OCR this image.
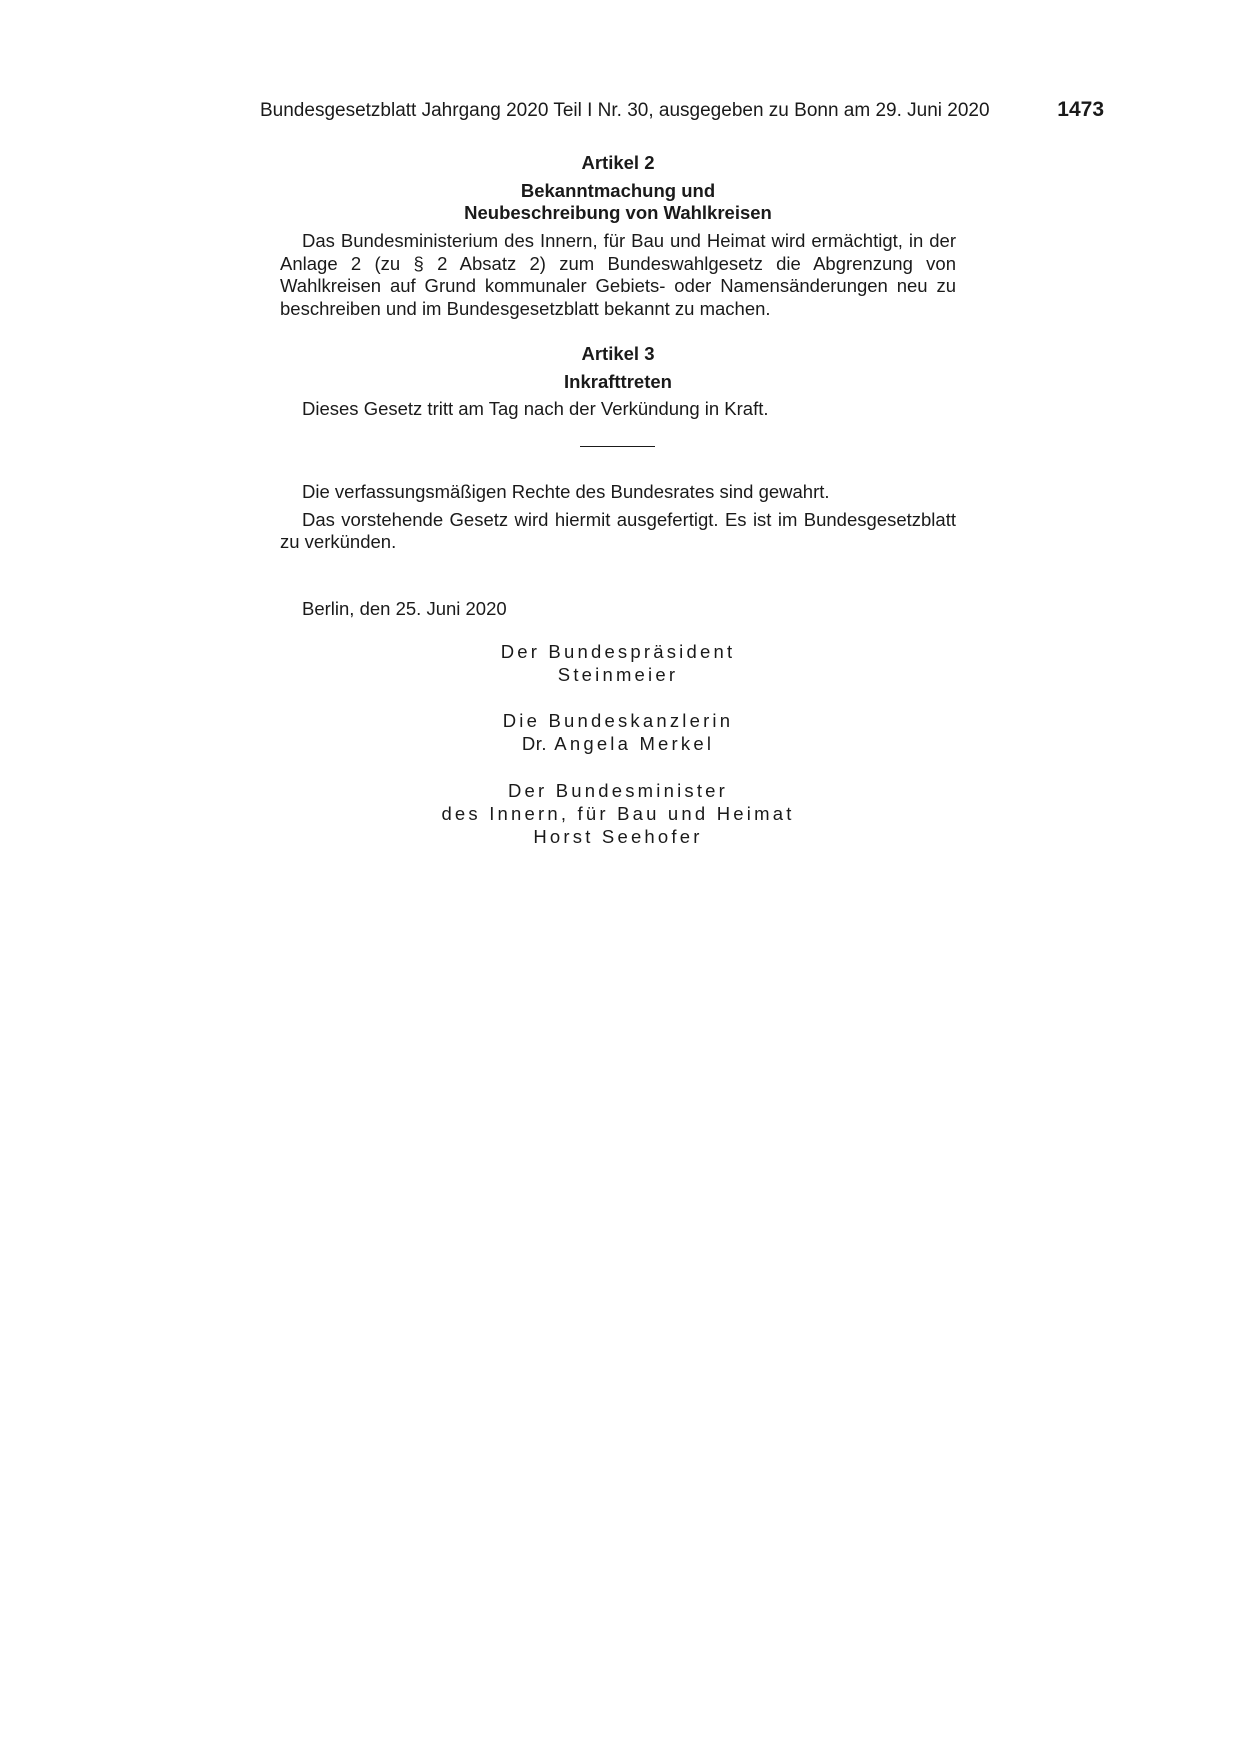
Bundesgesetzblatt Jahrgang 2020 Teil I Nr. 30, ausgegeben zu Bonn am 29. Juni 2020	1473
Artikel 2
Bekanntmachung und
Neubeschreibung von Wahlkreisen

Das Bundesministerium des Innern, für Bau und Heimat wird ermächtigt, in der Anlage 2 (zu § 2 Absatz 2) zum Bundeswahlgesetz die Abgrenzung von Wahlkreisen auf Grund kommunaler Gebiets- oder Namensänderungen neu zu beschreiben und im Bundesgesetzblatt bekannt zu machen.

Artikel 3
Inkrafttreten

Dieses Gesetz tritt am Tag nach der Verkündung in Kraft.

Die verfassungsmäßigen Rechte des Bundesrates sind gewahrt.

Das vorstehende Gesetz wird hiermit ausgefertigt. Es ist im Bundesgesetzblatt zu verkünden.

Berlin, den 25. Juni 2020

Der Bundespräsident
Steinmeier
Die Bundeskanzlerin
Dr. Angela Merkel
Der Bundesminister
des Innern, für Bau und Heimat
Horst Seehofer
